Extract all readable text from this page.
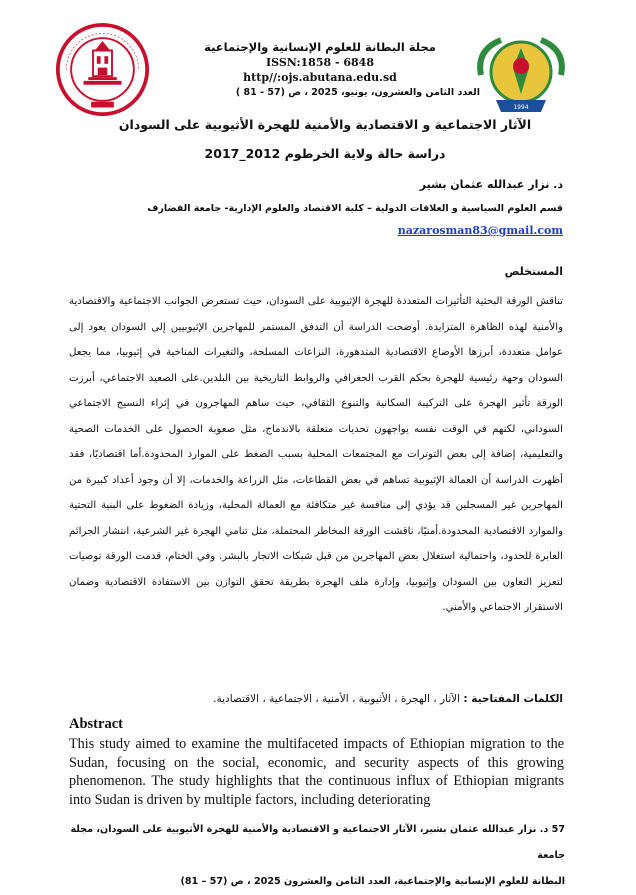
1994
مجلة البطانة للعلوم الإنسانية والإجتماعية
ISSN:1858 - 6848
http//:ojs.abutana.edu.sd
العدد الثامن والعشرون، يونيو، 2025 ، ص (57 - 81 )
الآثار الاجتماعية و الاقتصادية والأمنية للهجرة الأثيوبية على السودان
دراسة حالة ولاية الخرطوم 2012_2017
د. نزار عبدالله عثمان بشير
قسم العلوم السياسية و العلاقات الدولية – كلية الاقتصاد والعلوم الإدارية- جامعة القضارف
nazarosman83@gmail.com
المستخلص
تناقش الورقة البحثية التأثيرات المتعددة للهجرة الإثيوبية على السودان، حيث تستعرض الجوانب الاجتماعية والاقتصادية والأمنية لهذه الظاهرة المتزايدة. أوضحت الدراسة أن التدفق المستمر للمهاجرين الإثيوبيين إلى السودان يعود إلى عوامل متعددة، أبرزها الأوضاع الاقتصادية المتدهورة، النزاعات المسلحة، والتغيرات المناخية في إثيوبيا، مما يجعل السودان وجهة رئيسية للهجرة بحكم القرب الجغرافي والروابط التاريخية بين البلدين.على الصعيد الاجتماعي، أبرزت الورقة تأثير الهجرة على التركيبة السكانية والتنوع الثقافي، حيث ساهم المهاجرون في إثراء النسيج الاجتماعي السوداني، لكنهم في الوقت نفسه يواجهون تحديات متعلقة بالاندماج، مثل صعوبة الحصول على الخدمات الصحية والتعليمية، إضافة إلى بعض التوترات مع المجتمعات المحلية بسبب الضغط على الموارد المحدودة.أما اقتصاديًا، فقد أظهرت الدراسة أن العمالة الإثيوبية تساهم في بعض القطاعات، مثل الزراعة والخدمات، إلا أن وجود أعداد كبيرة من المهاجرين غير المسجلين قد يؤدي إلى منافسة غير متكافئة مع العمالة المحلية، وزيادة الضغوط على البنية التحتية والموارد الاقتصادية المحدودة.أمنيًا، ناقشت الورقة المخاطر المحتملة، مثل تنامي الهجرة غير الشرعية، انتشار الجرائم العابرة للحدود، واحتمالية استغلال بعض المهاجرين من قبل شبكات الاتجار بالبشر. وفي الختام، قدمت الورقة توصيات لتعزيز التعاون بين السودان وإثيوبيا، وإدارة ملف الهجرة بطريقة تحقق التوازن بين الاستفادة الاقتصادية وضمان الاستقرار الاجتماعي والأمني.
الكلمات المفتاحية : الآثار ، الهجرة ، الأثيوبية ، الأمنية ، الاجتماعية ، الاقتصادية.
Abstract
This study aimed to examine the multifaceted impacts of Ethiopian migration to the Sudan, focusing on the social, economic, and security aspects of this growing phenomenon. The study highlights that the continuous influx of Ethiopian migrants into Sudan is driven by multiple factors, including deteriorating
57 د. نزار عبدالله عثمان بشير، الآثار الاجتماعية و الاقتصادية والأمنية للهجرة الأثيوبية على السودان، مجلة جامعة
البطانة للعلوم الإنسانية والإجتماعية، العدد الثامن والعشرون 2025 ، ص (57 – 81)
